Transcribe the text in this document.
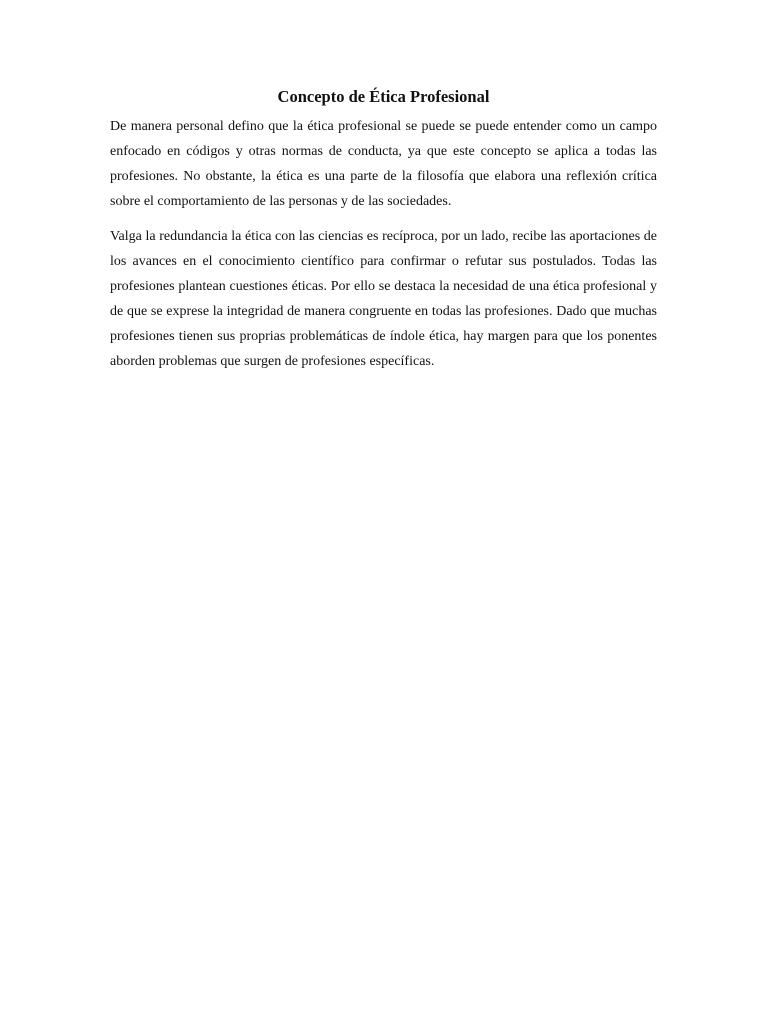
Concepto de Ética Profesional

De manera personal defino que la ética profesional se puede se puede entender como un campo enfocado en códigos y otras normas de conducta, ya que este concepto se aplica a todas las profesiones. No obstante, la ética es una parte de la filosofía que elabora una reflexión crítica sobre el comportamiento de las personas y de las sociedades.

Valga la redundancia la ética con las ciencias es recíproca, por un lado, recibe las aportaciones de los avances en el conocimiento científico para confirmar o refutar sus postulados. Todas las profesiones plantean cuestiones éticas. Por ello se destaca la necesidad de una ética profesional y de que se exprese la integridad de manera congruente en todas las profesiones. Dado que muchas profesiones tienen sus proprias problemáticas de índole ética, hay margen para que los ponentes aborden problemas que surgen de profesiones específicas.
